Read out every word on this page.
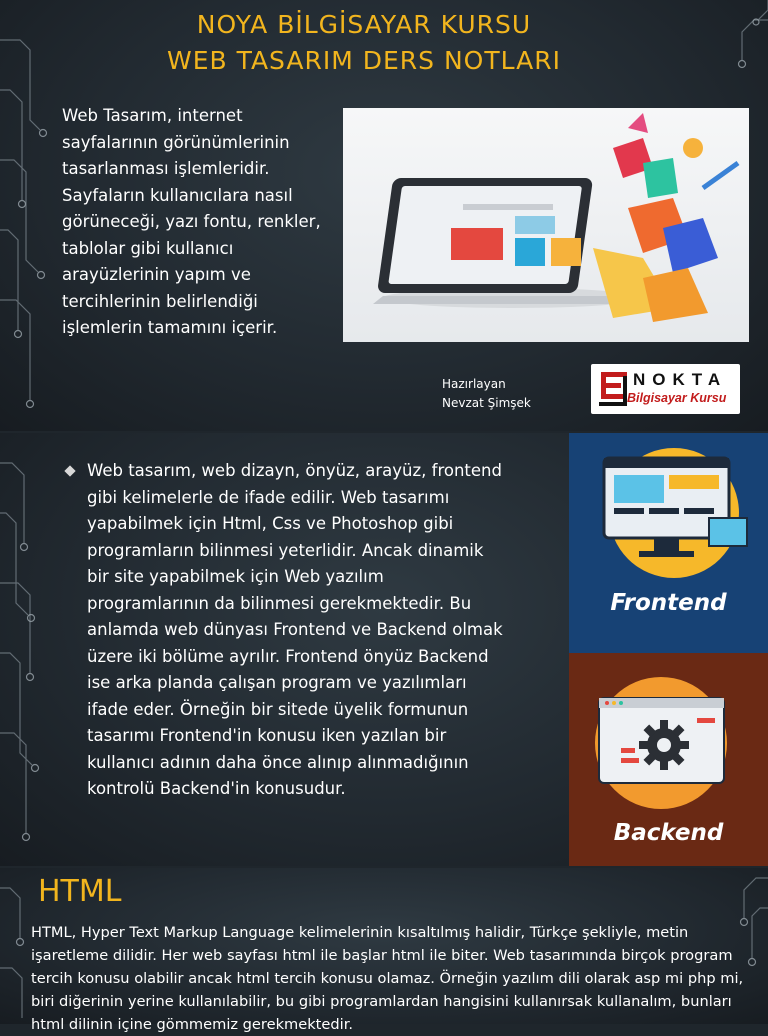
NOYA BİLGİSAYAR KURSU
WEB TASARIM DERS NOTLARI
Web Tasarım, internet sayfalarının görünümlerinin tasarlanması işlemleridir. Sayfaların kullanıcılara nasıl görüneceği, yazı fontu, renkler, tablolar gibi kullanıcı arayüzlerinin yapım ve tercihlerinin belirlendiği işlemlerin tamamını içerir.
Hazırlayan
Nevzat Şimşek
NOKTA
Bilgisayar Kursu
Web tasarım, web dizayn, önyüz, arayüz, frontend gibi kelimelerle de ifade edilir. Web tasarımı yapabilmek için Html, Css ve Photoshop gibi programların bilinmesi yeterlidir. Ancak dinamik bir site yapabilmek için Web yazılım programlarının da bilinmesi gerekmektedir. Bu anlamda web dünyası Frontend ve Backend olmak üzere iki bölüme ayrılır. Frontend önyüz Backend ise arka planda çalışan program ve yazılımları ifade eder. Örneğin bir sitede üyelik formunun tasarımı Frontend'in konusu iken yazılan bir kullanıcı adının daha önce alınıp alınmadığının kontrolü Backend'in konusudur.
Frontend
Backend
HTML
HTML, Hyper Text Markup Language kelimelerinin kısaltılmış halidir, Türkçe şekliyle, metin işaretleme dilidir. Her web sayfası html ile başlar html ile biter. Web tasarımında birçok program tercih konusu olabilir ancak html tercih konusu olamaz. Örneğin yazılım dili olarak asp mi php mi, biri diğerinin yerine kullanılabilir, bu gibi programlardan hangisini kullanırsak kullanalım, bunları html dilinin içine gömmemiz gerekmektedir.
